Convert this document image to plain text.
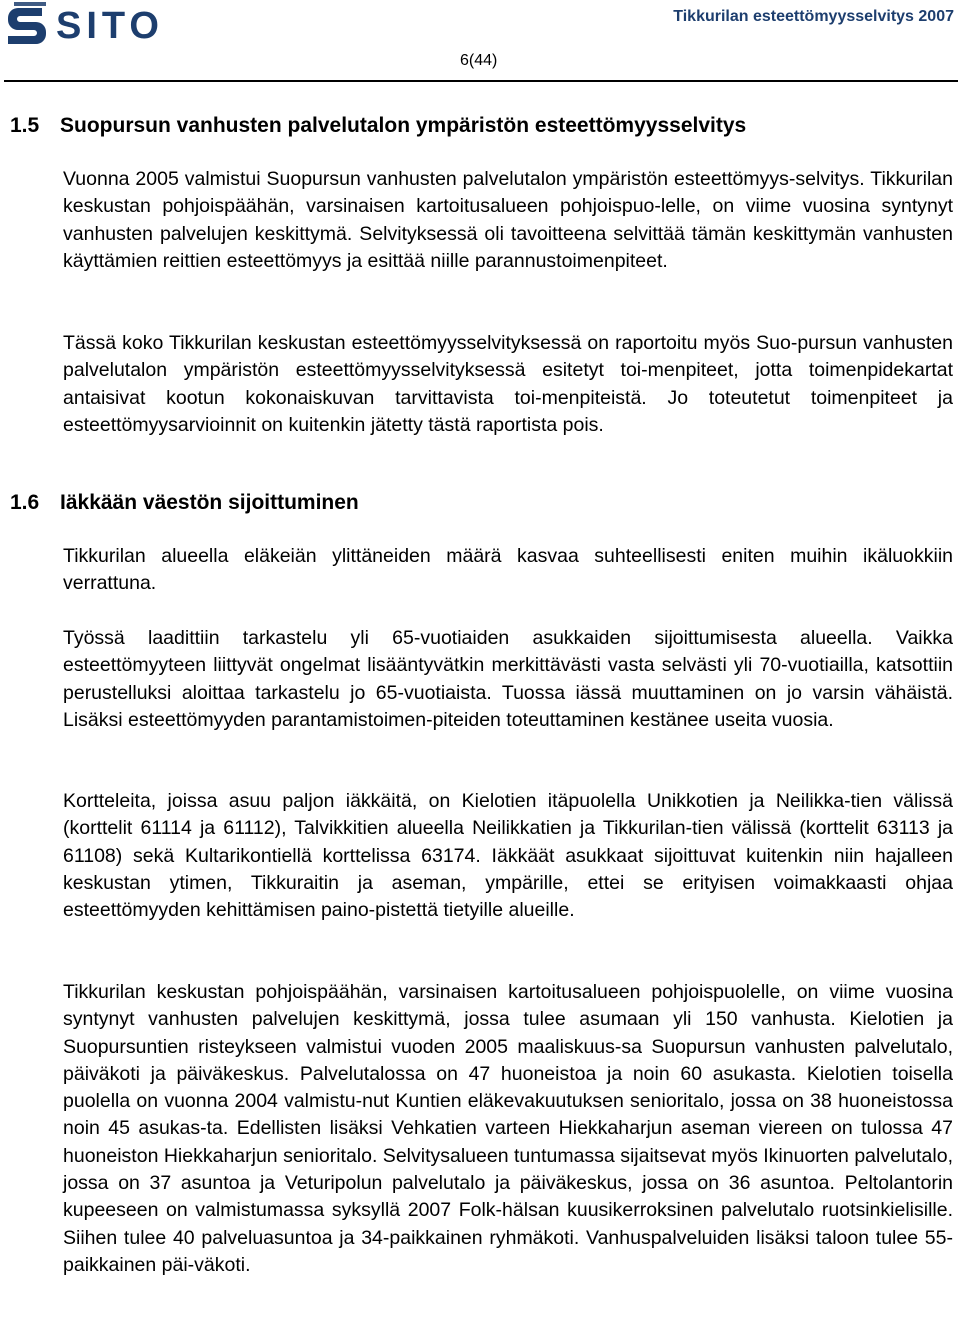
SITO	Tikkurilan esteettömyysselvitys 2007
6(44)
1.5 Suopursun vanhusten palvelutalon ympäristön esteettömyysselvitys

Vuonna 2005 valmistui Suopursun vanhusten palvelutalon ympäristön esteettömyys-selvitys. Tikkurilan keskustan pohjoispäähän, varsinaisen kartoitusalueen pohjoispuo-lelle, on viime vuosina syntynyt vanhusten palvelujen keskittymä. Selvityksessä oli tavoitteena selvittää tämän keskittymän vanhusten käyttämien reittien esteettömyys ja esittää niille parannustoimenpiteet.

Tässä koko Tikkurilan keskustan esteettömyysselvityksessä on raportoitu myös Suo-pursun vanhusten palvelutalon ympäristön esteettömyysselvityksessä esitetyt toi-menpiteet, jotta toimenpidekartat antaisivat kootun kokonaiskuvan tarvittavista toi-menpiteistä. Jo toteutetut toimenpiteet ja esteettömyysarvioinnit on kuitenkin jätetty tästä raportista pois.

1.6 Iäkkään väestön sijoittuminen

Tikkurilan alueella eläkeiän ylittäneiden määrä kasvaa suhteellisesti eniten muihin ikäluokkiin verrattuna.

Työssä laadittiin tarkastelu yli 65-vuotiaiden asukkaiden sijoittumisesta alueella. Vaikka esteettömyyteen liittyvät ongelmat lisääntyvätkin merkittävästi vasta selvästi yli 70-vuotiailla, katsottiin perustelluksi aloittaa tarkastelu jo 65-vuotiaista. Tuossa iässä muuttaminen on jo varsin vähäistä. Lisäksi esteettömyyden parantamistoimen-piteiden toteuttaminen kestänee useita vuosia.

Kortteleita, joissa asuu paljon iäkkäitä, on Kielotien itäpuolella Unikkotien ja Neilikka-tien välissä (korttelit 61114 ja 61112), Talvikkitien alueella Neilikkatien ja Tikkurilan-tien välissä (korttelit 63113 ja 61108) sekä Kultarikontiellä korttelissa 63174. Iäkkäät asukkaat sijoittuvat kuitenkin niin hajalleen keskustan ytimen, Tikkuraitin ja aseman, ympärille, ettei se erityisen voimakkaasti ohjaa esteettömyyden kehittämisen paino-pistettä tietyille alueille.

Tikkurilan keskustan pohjoispäähän, varsinaisen kartoitusalueen pohjoispuolelle, on viime vuosina syntynyt vanhusten palvelujen keskittymä, jossa tulee asumaan yli 150 vanhusta. Kielotien ja Suopursuntien risteykseen valmistui vuoden 2005 maaliskuus-sa Suopursun vanhusten palvelutalo, päiväkoti ja päiväkeskus. Palvelutalossa on 47 huoneistoa ja noin 60 asukasta. Kielotien toisella puolella on vuonna 2004 valmistu-nut Kuntien eläkevakuutuksen senioritalo, jossa on 38 huoneistossa noin 45 asukas-ta. Edellisten lisäksi Vehkatien varteen Hiekkaharjun aseman viereen on tulossa 47 huoneiston Hiekkaharjun senioritalo. Selvitysalueen tuntumassa sijaitsevat myös Ikinuorten palvelutalo, jossa on 37 asuntoa ja Veturipolun palvelutalo ja päiväkeskus, jossa on 36 asuntoa. Peltolantorin kupeeseen on valmistumassa syksyllä 2007 Folk-hälsan kuusikerroksinen palvelutalo ruotsinkielisille. Siihen tulee 40 palveluasuntoa ja 34-paikkainen ryhmäkoti. Vanhuspalveluiden lisäksi taloon tulee 55-paikkainen päi-väkoti.
